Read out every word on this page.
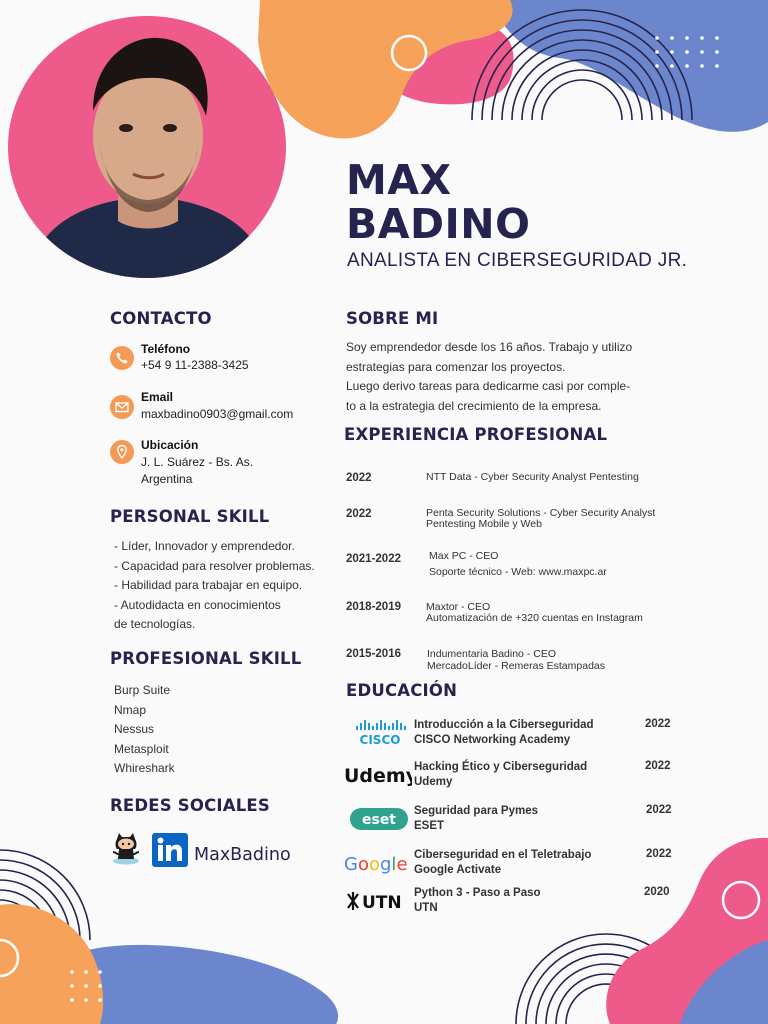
MAX
BADINO
ANALISTA EN CIBERSEGURIDAD JR.
CONTACTO
Teléfono
+54 9 11-2388-3425
Email
maxbadino0903@gmail.com
Ubicación
J. L. Suárez - Bs. As.
Argentina
PERSONAL SKILL
- Líder, Innovador y emprendedor.
- Capacidad para resolver problemas.
- Habilidad para trabajar en equipo.
- Autodidacta en conocimientos
de tecnologías.
PROFESIONAL SKILL
Burp Suite
Nmap
Nessus
Metasploit
Whireshark
REDES SOCIALES
MaxBadino
SOBRE MI
Soy emprendedor desde los 16 años. Trabajo y utilizo
estrategias para comenzar los proyectos.
Luego derivo tareas para dedicarme casi por comple-
to a la estrategia del crecimiento de la empresa.
EXPERIENCIA PROFESIONAL
2022	NTT Data - Cyber Security Analyst Pentesting
2022	Penta Security Solutions - Cyber Security Analyst
Pentesting Mobile y Web
2021-2022	Max PC - CEO
Soporte técnico - Web: www.maxpc.ar
2018-2019 Maxtor - CEO
Automatización de +320 cuentas en Instagram
2015-2016 Indumentaria Badino - CEO
MercadoLíder - Remeras Estampadas
EDUCACIÓN
CISCO
Introducción a la Ciberseguridad
CISCO Networking Academy
2022
Udemy
Hacking Ético y Ciberseguridad
Udemy
2022
eset
Seguridad para Pymes
ESET
2022
Google Ciberseguridad en el Teletrabajo
Google Activate
2022
UTN Python 3 - Paso a Paso
UTN
2020
